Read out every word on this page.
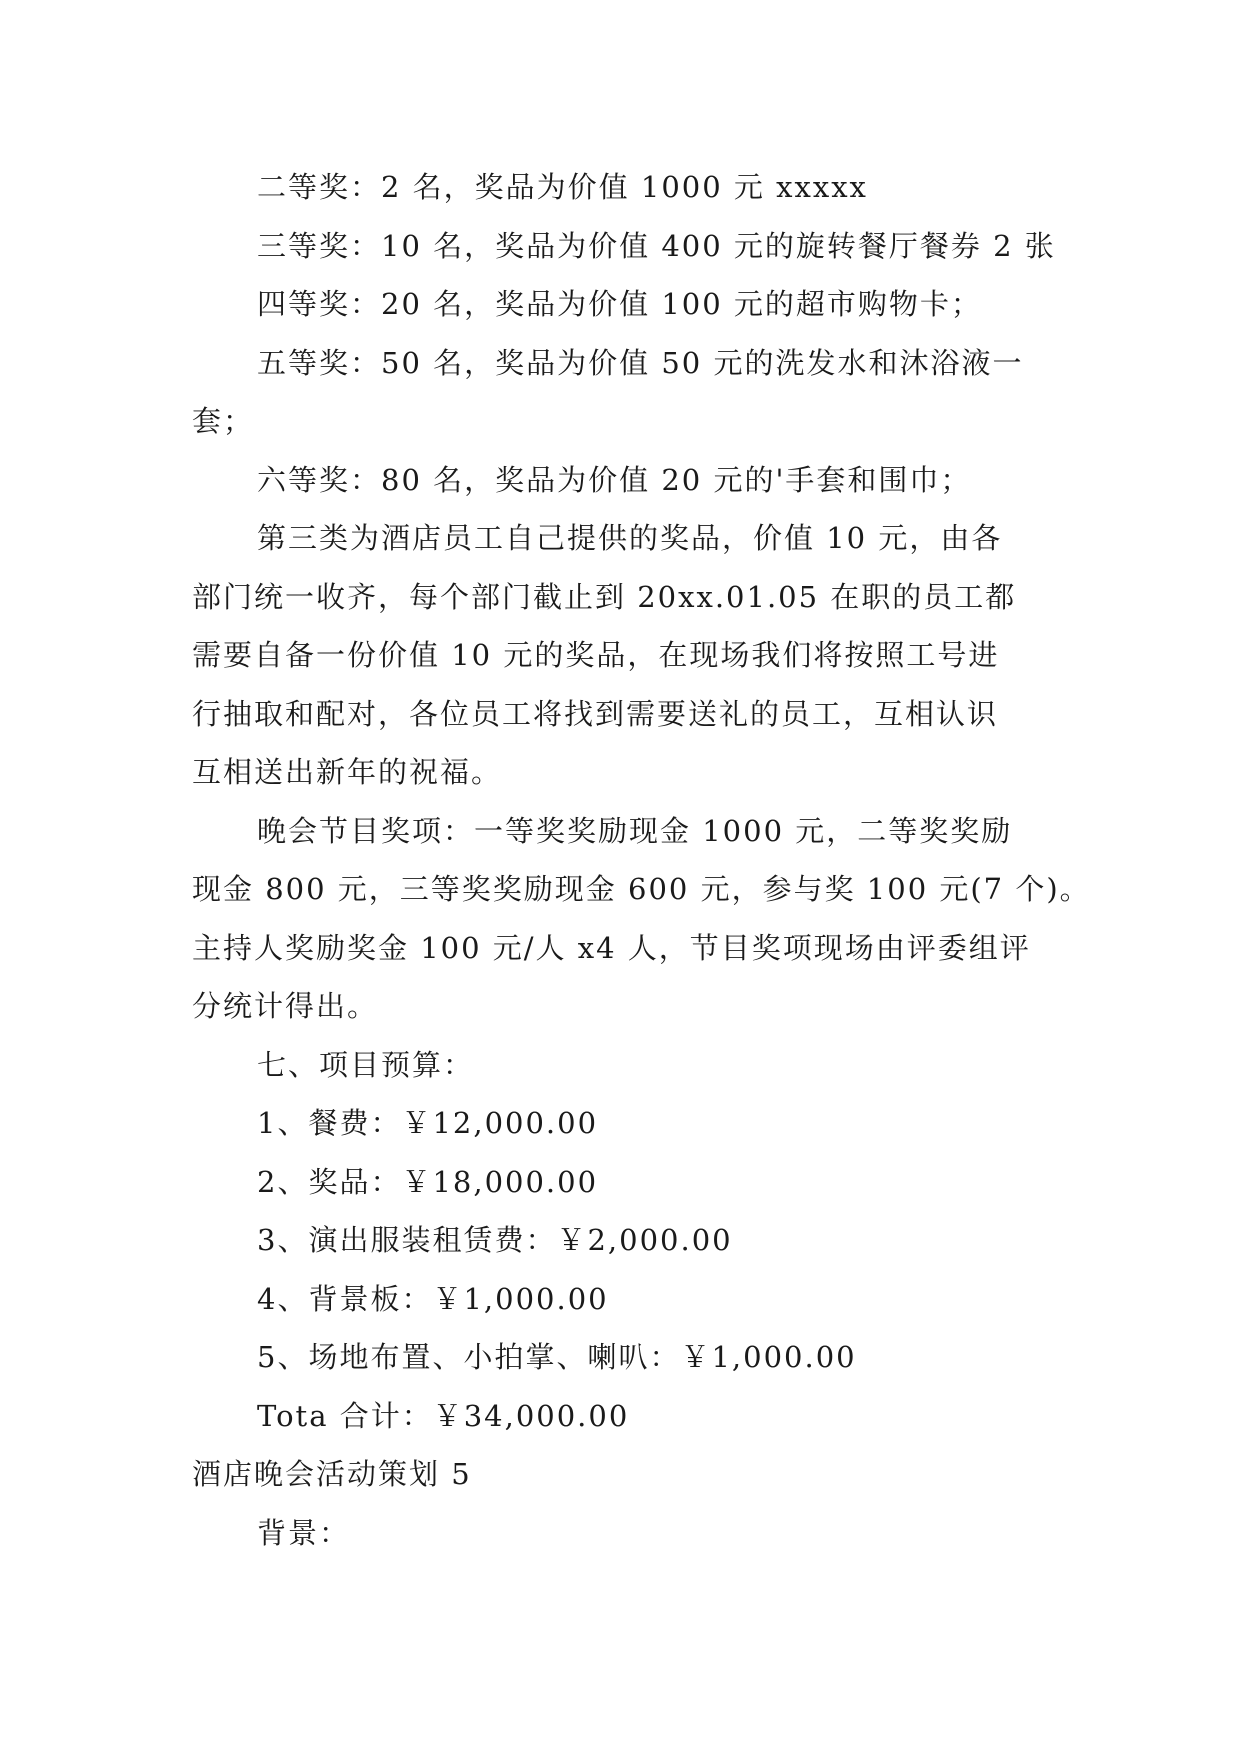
二等奖：2 名，奖品为价值 1000 元 xxxxx

三等奖：10 名，奖品为价值 400 元的旋转餐厅餐券 2 张

四等奖：20 名，奖品为价值 100 元的超市购物卡；

五等奖：50 名，奖品为价值 50 元的洗发水和沐浴液一

套；

六等奖：80 名，奖品为价值 20 元的'手套和围巾；

第三类为酒店员工自己提供的奖品，价值 10 元，由各

部门统一收齐，每个部门截止到 20xx.01.05 在职的员工都

需要自备一份价值 10 元的奖品，在现场我们将按照工号进

行抽取和配对，各位员工将找到需要送礼的员工，互相认识

互相送出新年的祝福。

晚会节目奖项：一等奖奖励现金 1000 元，二等奖奖励

现金 800 元，三等奖奖励现金 600 元，参与奖 100 元(7 个)。

主持人奖励奖金 100 元/人 x4 人，节目奖项现场由评委组评

分统计得出。

七、项目预算：

1、餐费：￥12,000.00

2、奖品：￥18,000.00

3、演出服装租赁费：￥2,000.00

4、背景板：￥1,000.00

5、场地布置、小拍掌、喇叭：￥1,000.00

Tota 合计：￥34,000.00

酒店晚会活动策划 5

背景：
